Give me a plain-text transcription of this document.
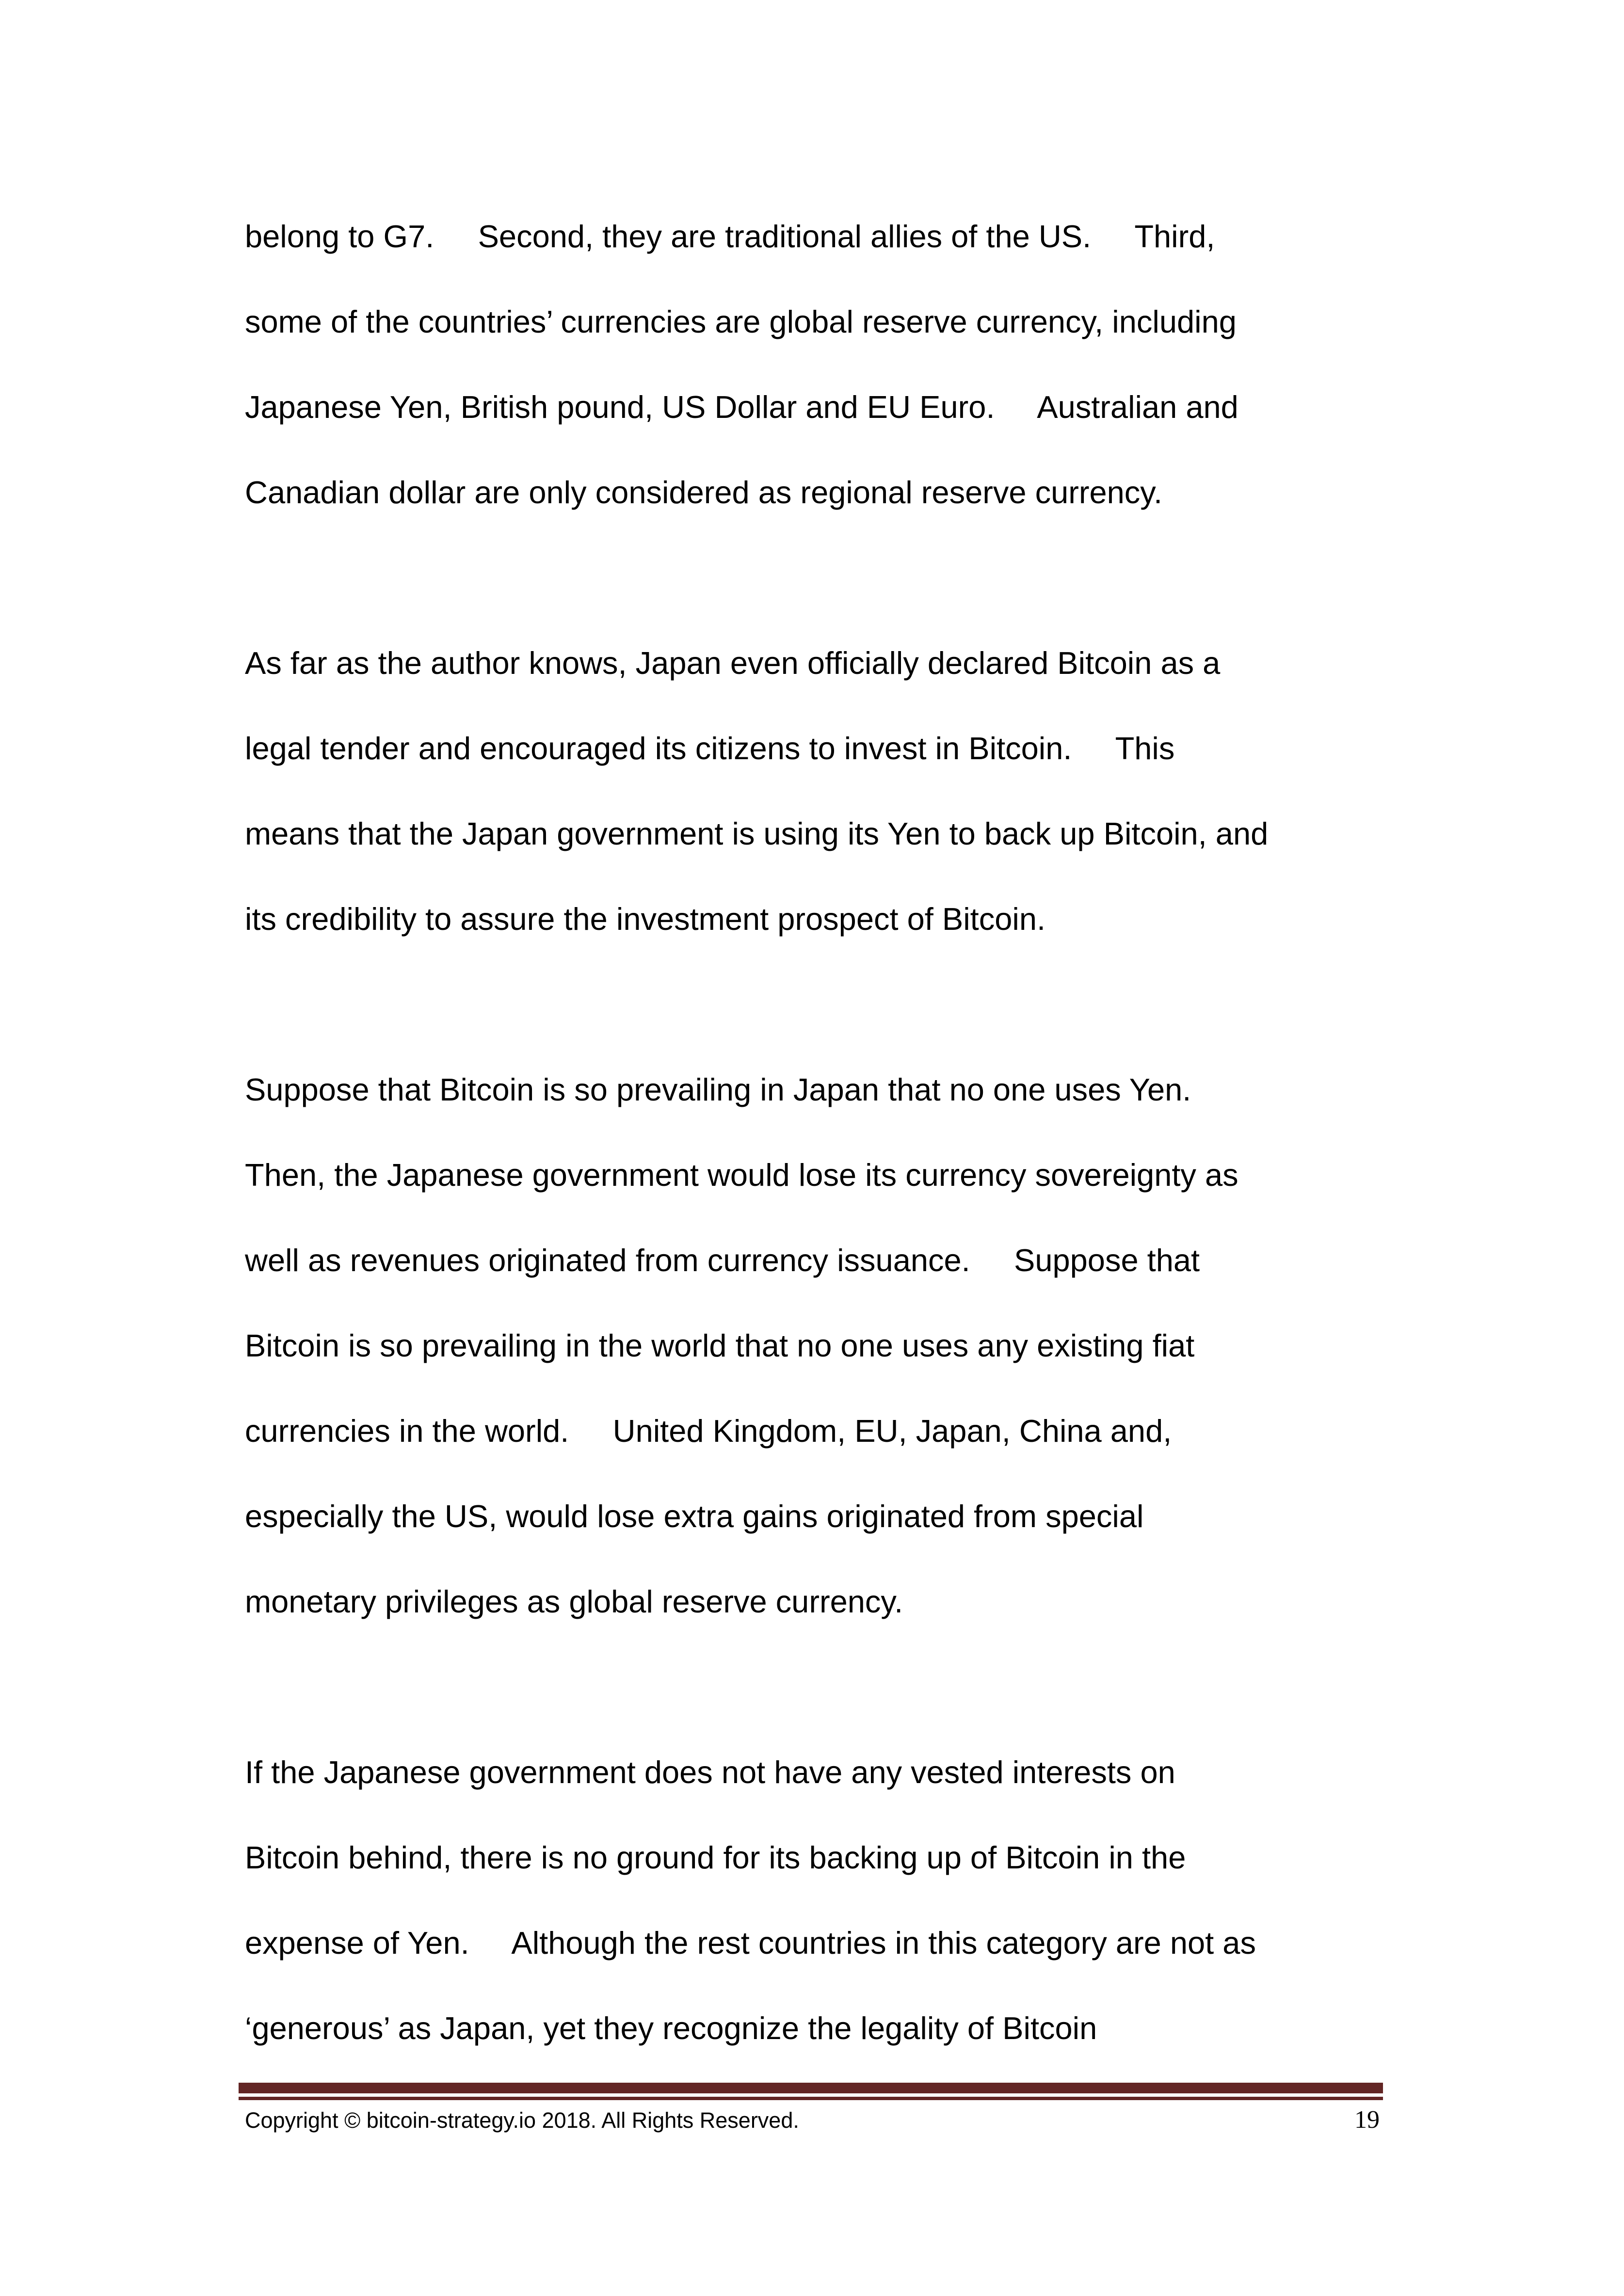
belong to G7.     Second, they are traditional allies of the US.     Third,
some of the countries’ currencies are global reserve currency, including
Japanese Yen, British pound, US Dollar and EU Euro.     Australian and
Canadian dollar are only considered as regional reserve currency.
As far as the author knows, Japan even officially declared Bitcoin as a
legal tender and encouraged its citizens to invest in Bitcoin.     This
means that the Japan government is using its Yen to back up Bitcoin, and
its credibility to assure the investment prospect of Bitcoin.
Suppose that Bitcoin is so prevailing in Japan that no one uses Yen.
Then, the Japanese government would lose its currency sovereignty as
well as revenues originated from currency issuance.     Suppose that
Bitcoin is so prevailing in the world that no one uses any existing fiat
currencies in the world.     United Kingdom, EU, Japan, China and,
especially the US, would lose extra gains originated from special
monetary privileges as global reserve currency.
If the Japanese government does not have any vested interests on
Bitcoin behind, there is no ground for its backing up of Bitcoin in the
expense of Yen.     Although the rest countries in this category are not as
‘generous’ as Japan, yet they recognize the legality of Bitcoin
Copyright © bitcoin-strategy.io 2018. All Rights Reserved.	19
